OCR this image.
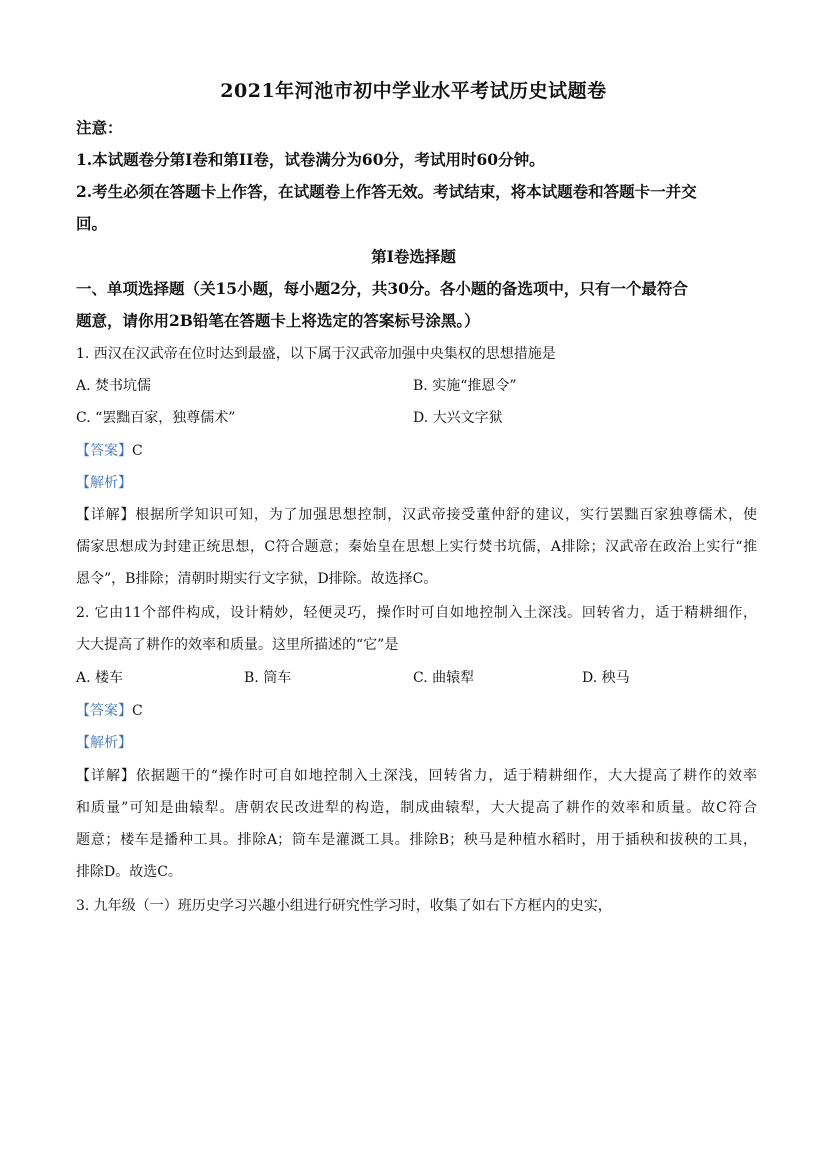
2021年河池市初中学业水平考试历史试题卷
注意：
1.本试题卷分第Ⅰ卷和第II卷，试卷满分为60分，考试用时60分钟。
2.考生必须在答题卡上作答，在试题卷上作答无效。考试结束，将本试题卷和答题卡一并交
回。
第Ⅰ卷选择题
一、单项选择题（关15小题，每小题2分，共30分。各小题的备选项中，只有一个最符合
题意，请你用2B铅笔在答题卡上将选定的答案标号涂黑。）
1. 西汉在汉武帝在位时达到最盛，以下属于汉武帝加强中央集权的思想措施是
A. 焚书坑儒	B. 实施“推恩令”
C. “罢黜百家，独尊儒术”	D. 大兴文字狱
【答案】C
【解析】
【详解】根据所学知识可知，为了加强思想控制，汉武帝接受董仲舒的建议，实行罢黜百家独尊儒术，使
儒家思想成为封建正统思想，C符合题意；秦始皇在思想上实行焚书坑儒，A排除；汉武帝在政治上实行“推
恩令”，B排除；清朝时期实行文字狱，D排除。故选择C。
2. 它由11个部件构成，设计精妙，轻便灵巧，操作时可自如地控制入土深浅。回转省力，适于精耕细作，
大大提高了耕作的效率和质量。这里所描述的“它”是
A. 楼车	B. 筒车	C. 曲辕犁	D. 秧马
【答案】C
【解析】
【详解】依据题干的“操作时可自如地控制入土深浅，回转省力，适于精耕细作，大大提高了耕作的效率
和质量”可知是曲辕犁。唐朝农民改进犁的构造，制成曲辕犁，大大提高了耕作的效率和质量。故C符合
题意；楼车是播种工具。排除A；筒车是灌溉工具。排除B；秧马是种植水稻时，用于插秧和拔秧的工具，
排除D。故选C。
3. 九年级（一）班历史学习兴趣小组进行研究性学习时，收集了如右下方框内的史实，
